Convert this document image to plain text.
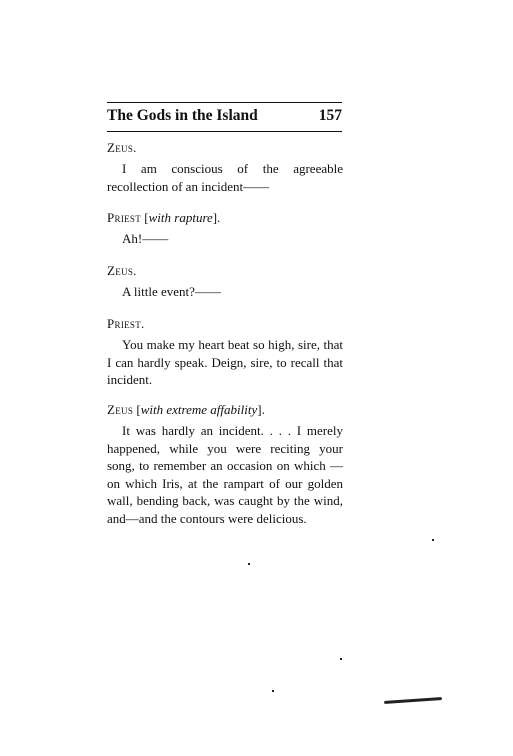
The Gods in the Island	157
Zeus.
I am conscious of the agreeable recollection of an incident——
Priest [with rapture].
Ah!——
Zeus.
A little event?——
Priest.
You make my heart beat so high, sire, that I can hardly speak. Deign, sire, to recall that incident.
Zeus [with extreme affability].
It was hardly an incident. . . . I merely happened, while you were reciting your song, to remember an occasion on which — on which Iris, at the rampart of our golden wall, bending back, was caught by the wind, and—and the contours were delicious.
